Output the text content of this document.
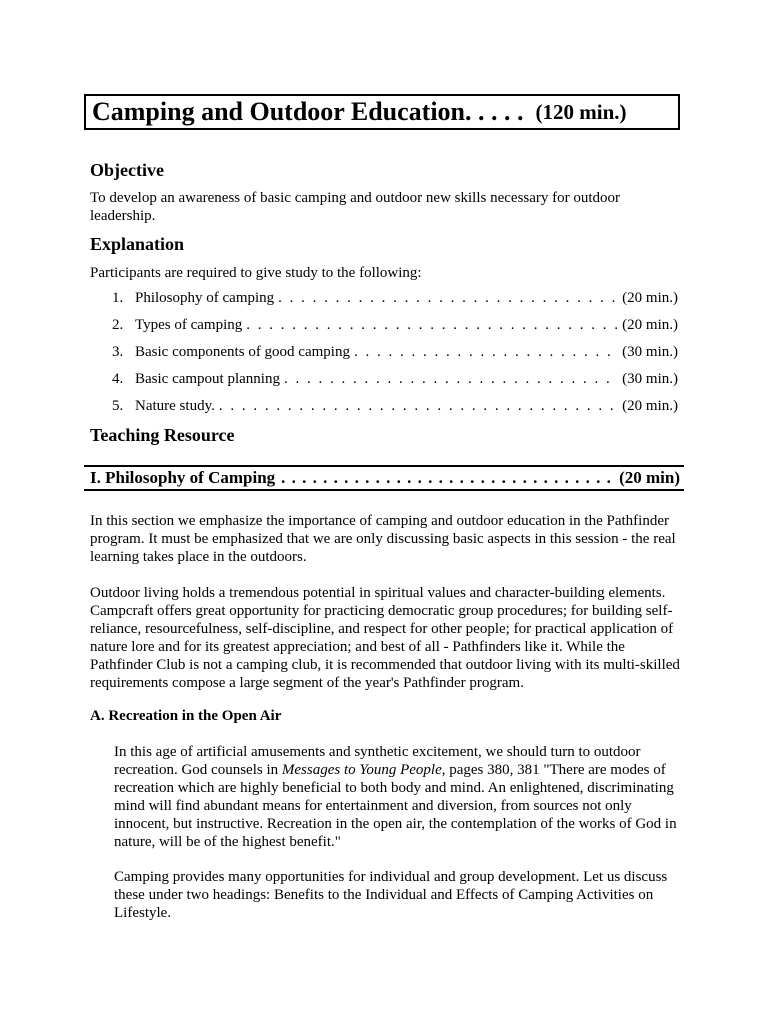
Camping and Outdoor Education. . . . . (120 min.)
Objective
To develop an awareness of basic camping and outdoor new skills necessary for outdoor leadership.
Explanation
Participants are required to give study to the following:
1. Philosophy of camping . . .	(20 min.)
2. Types of camping . . .	(20 min.)
3. Basic components of good camping . . .	(30 min.)
4. Basic campout planning . . .	(30 min.)
5. Nature study. . . .	(20 min.)
Teaching Resource
I. Philosophy of Camping . . .	(20 min)
In this section we emphasize the importance of camping and outdoor education in the Pathfinder program. It must be emphasized that we are only discussing basic aspects in this session - the real learning takes place in the outdoors.
Outdoor living holds a tremendous potential in spiritual values and character-building elements. Campcraft offers great opportunity for practicing democratic group procedures; for building self-reliance, resourcefulness, self-discipline, and respect for other people; for practical application of nature lore and for its greatest appreciation; and best of all - Pathfinders like it. While the Pathfinder Club is not a camping club, it is recommended that outdoor living with its multi-skilled requirements compose a large segment of the year's Pathfinder program.
A. Recreation in the Open Air
In this age of artificial amusements and synthetic excitement, we should turn to outdoor recreation. God counsels in Messages to Young People, pages 380, 381 "There are modes of recreation which are highly beneficial to both body and mind. An enlightened, discriminating mind will find abundant means for entertainment and diversion, from sources not only innocent, but instructive. Recreation in the open air, the contemplation of the works of God in nature, will be of the highest benefit."
Camping provides many opportunities for individual and group development. Let us discuss these under two headings: Benefits to the Individual and Effects of Camping Activities on Lifestyle.
